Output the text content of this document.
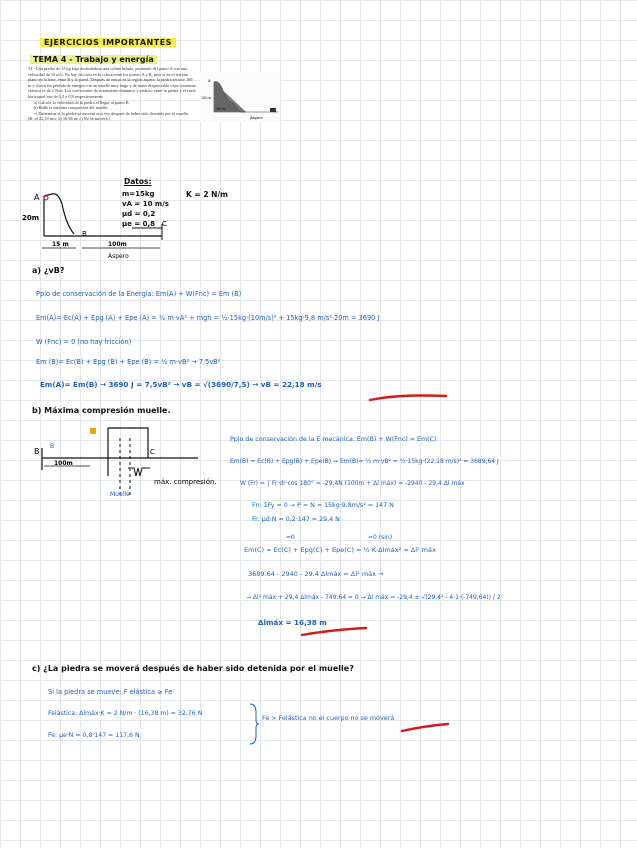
EJERCICIOS IMPORTANTES
TEMA 4 - Trabajo y energía

13 - Una piedra de 15 kg baja deslizándose una colina helada, partiendo del punto A con una velocidad de 10 m/s. No hay fricción en la colina entre los puntos A y B, pero sí en el terreno plano en la base, entre B y la pared. Después de entrar en la región áspera, la piedra recorre 100 m y choca sin pérdida de energía con un muelle muy largo y de masa despreciable cuya constante elástica es de 2 N/m. Los coeficientes de rozamiento dinámico y estático entre la piedra y el suelo horizontal son de 0,2 y 0,8 respectivamente.

a) Calcule la velocidad de la piedra al llegar al punto B.

b) Halle la máxima compresión del muelle.

c) Determine si la piedra se moverá otra vez después de haber sido detenida por el muelle.

(R: a) 22,18 m/s; b) 16,38 m; c) No se moverá.)

A
20 m
15 m
Áspero
A
B
C
20m
15 m	100m
Áspero
Datos:
m=15kg
vA = 10 m/s
μd = 0,2
μe = 0,8
K = 2 N/m
a) ¿vB?
Ppio de conservación de la Energía: Em(A) + W(Fnc) = Em (B)
Em(A)= Ec(A) + Epg (A) + Epe (A) = ½ m·vA² + mgh = ½·15kg·(10m/s)² + 15kg·9,8 m/s²·20m = 3690 J
W (Fnc) = 0 (no hay fricción)
Em (B)= Ec(B) + Epg (B) + Epe (B) = ½ m·vB² → 7,5vB²
Em(A)= Em(B) → 3690 J = 7,5vB² → vB = √(3690/7,5) → vB = 22,18 m/s
b) Máxima compresión muelle.
B
B	C
100m
Muelle
máx. compresión.
Ppio de conservación de la E mecánica: Em(B) + W(Fnc) = Em(C)
Em(B) = Ec(B) + Epg(B) + Epe(B) → Em(B)= ½ m·vB² = ½·15kg·(22,18 m/s)² = 3689,64 J
W (Fr) = ∫ Fr·dr·cos 180° = -29,4N (100m + Δl máx) = -2940 - 29,4 Δl máx
Fn: ΣFy = 0 → P = N = 15kg·9,8m/s² = 147 N
Fr: μd·N = 0,2·147 = 29,4 N
=0	=0 (sin)
Em(C) = Ec(C) + Epg(C) + Epe(C) = ½ K·Δlmáx² = Δl² máx
3689,64 - 2940 - 29,4 Δlmáx = Δl² máx →
→ Δl² máx + 29,4 Δlmáx - 749,64 = 0 → Δl máx = -29,4 ± √(29,4² - 4·1·(-749,64)) / 2
Δlmáx = 16,38 m
c) ¿La piedra se moverá después de haber sido detenida por el muelle?
Si la piedra se mueve: F elástica ≥ Fe
Felástica: Δlmáx·K = 2 N/m · (16,38 m) = 32,76 N
Fe: μe·N = 0,8·147 = 117,6 N
Fe > Felástica no el cuerpo no se moverá
